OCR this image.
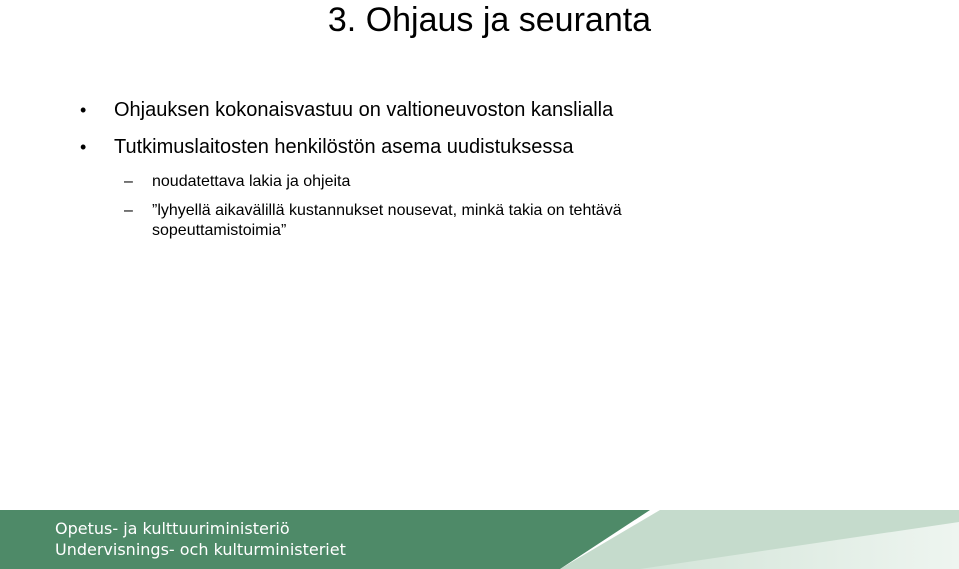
3. Ohjaus ja seuranta
•	Ohjauksen kokonaisvastuu on valtioneuvoston kanslialla
•	Tutkimuslaitosten henkilöstön asema uudistuksessa
–	noudatettava lakia ja ohjeita
–	”lyhyellä aikavälillä kustannukset nousevat, minkä takia on tehtävä sopeuttamistoimia”
Opetus- ja kulttuuriministeriö
Undervisnings- och kulturministeriet
